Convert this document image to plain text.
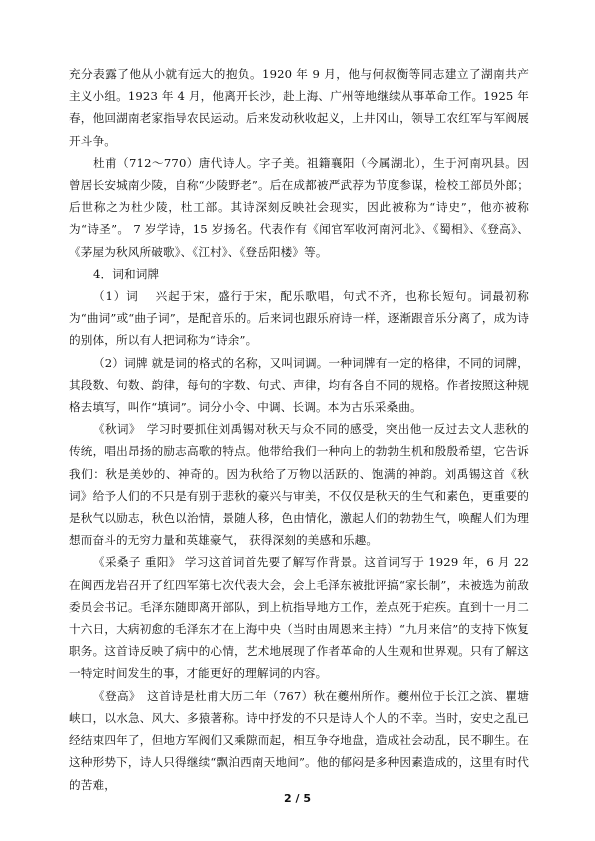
充分表露了他从小就有远大的抱负。1920 年 9 月，他与何叔衡等同志建立了湖南共产主义小组。1923 年 4 月，他离开长沙，赴上海、广州等地继续从事革命工作。1925 年春，他回湖南老家指导农民运动。后来发动秋收起义，上井冈山，领导工农红军与军阀展开斗争。

杜甫（712～770）唐代诗人。字子美。祖籍襄阳（今属湖北），生于河南巩县。因曾居长安城南少陵，自称“少陵野老”。后在成都被严武荐为节度参谋，检校工部员外郎；后世称之为杜少陵，杜工部。其诗深刻反映社会现实，因此被称为“诗史”，他亦被称为“诗圣”。 7 岁学诗，15 岁扬名。代表作有《闻官军收河南河北》、《蜀相》、《登高》、《茅屋为秋风所破歌》、《江村》、《登岳阳楼》等。

4．词和词牌

（1）词　 兴起于宋，盛行于宋，配乐歌唱，句式不齐，也称长短句。词最初称为“曲词”或“曲子词”，是配音乐的。后来词也跟乐府诗一样，逐渐跟音乐分离了，成为诗的别体，所以有人把词称为“诗余”。

（2）词牌 就是词的格式的名称，又叫词调。一种词牌有一定的格律，不同的词牌，其段数、句数、韵律，每句的字数、句式、声律，均有各自不同的规格。作者按照这种规格去填写，叫作“填词”。词分小令、中调、长调。本为古乐采桑曲。

《秋词》　学习时要抓住刘禹锡对秋天与众不同的感受，突出他一反过去文人悲秋的传统，唱出昂扬的励志高歌的特点。他带给我们一种向上的勃勃生机和殷殷希望，它告诉我们：秋是美妙的、神奇的。因为秋给了万物以活跃的、饱满的神韵。刘禹锡这首《秋词》给予人们的不只是有别于悲秋的豪兴与审美，不仅仅是秋天的生气和素色，更重要的是秋气以励志，秋色以治情，景随人移，色由情化，激起人们的勃勃生气，唤醒人们为理想而奋斗的无穷力量和英雄豪气， 获得深刻的美感和乐趣。

《采桑子 重阳》 学习这首词首先要了解写作背景。这首词写于 1929 年，6 月 22 在闽西龙岩召开了红四军第七次代表大会，会上毛泽东被批评搞“家长制”，未被选为前敌委员会书记。毛泽东随即离开部队，到上杭指导地方工作，差点死于疟疾。直到十一月二十六日，大病初愈的毛泽东才在上海中央（当时由周恩来主持）“九月来信”的支持下恢复职务。这首诗反映了病中的心情，艺术地展现了作者革命的人生观和世界观。只有了解这一特定时间发生的事，才能更好的理解词的内容。

《登高》　这首诗是杜甫大历二年（767）秋在夔州所作。夔州位于长江之滨、瞿塘峡口，以水急、风大、多猿著称。诗中抒发的不只是诗人个人的不幸。当时，安史之乱已经结束四年了，但地方军阀们又乘隙而起，相互争夺地盘，造成社会动乱，民不聊生。在这种形势下，诗人只得继续“飘泊西南天地间”。他的郁闷是多种因素造成的，这里有时代的苦难，

2 / 5
